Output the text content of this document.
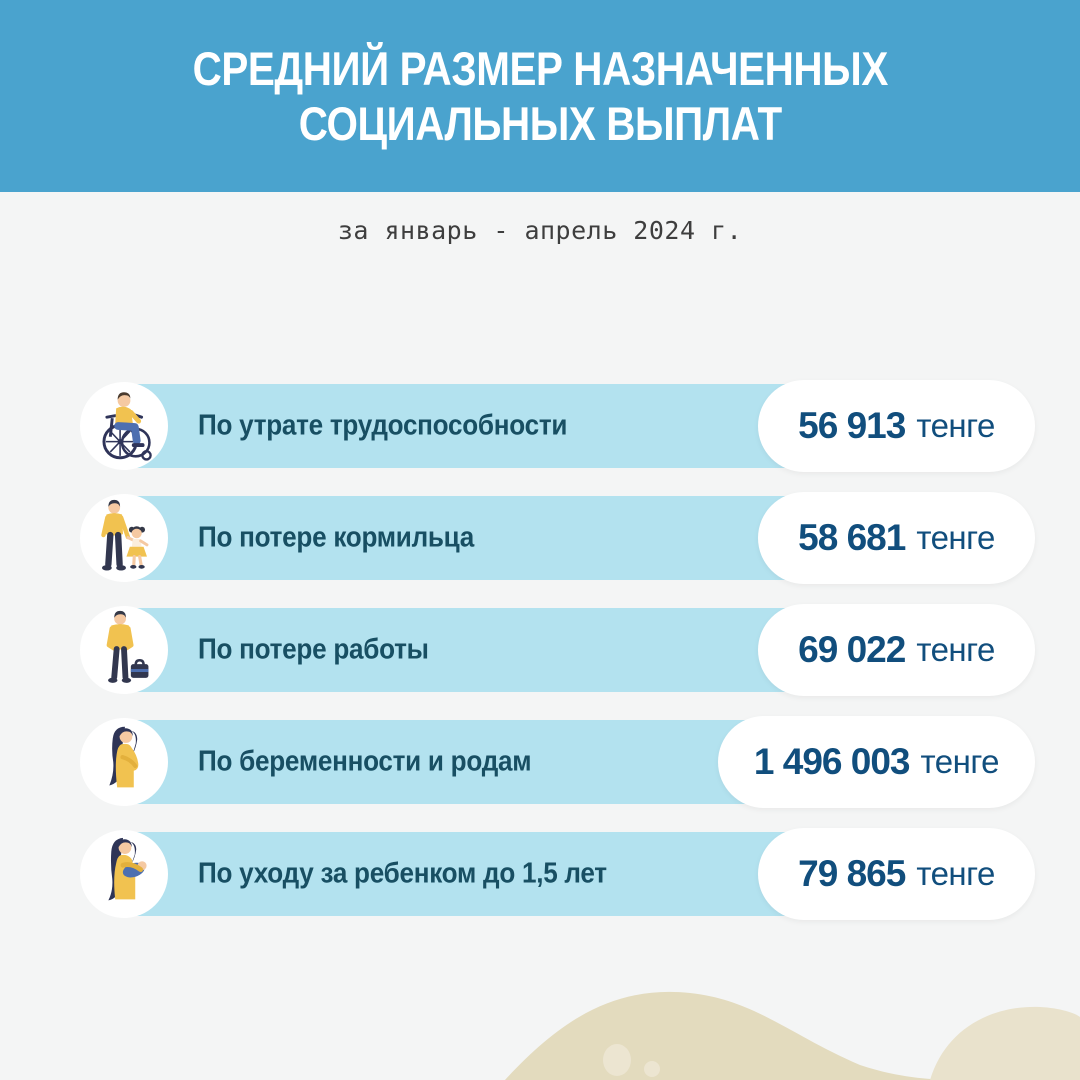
СРЕДНИЙ РАЗМЕР НАЗНАЧЕННЫХ
СОЦИАЛЬНЫХ ВЫПЛАТ
за январь - апрель 2024 г.
По утрате трудоспособности	56 913 тенге
По потере кормильца	58 681 тенге
По потере работы	69 022 тенге
По беременности и родам	1 496 003 тенге
По уходу за ребенком до 1,5 лет	79 865 тенге
